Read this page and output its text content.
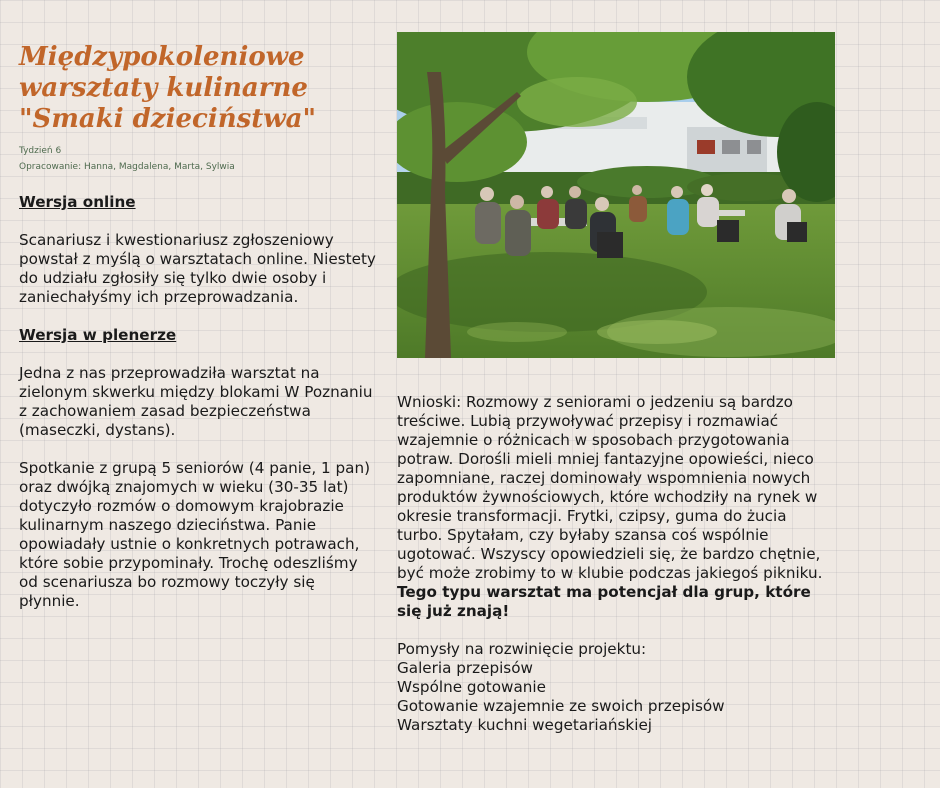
Międzypokoleniowe
warsztaty kulinarne
"Smaki dzieciństwa"
Tydzień 6
Opracowanie: Hanna, Magdalena, Marta, Sylwia

Wersja online

Scanariusz i kwestionariusz zgłoszeniowy powstał z myślą o warsztatach online. Niestety do udziału zgłosiły się tylko dwie osoby i zaniechałyśmy ich przeprowadzania.

Wersja w plenerze

Jedna z nas przeprowadziła warsztat na zielonym skwerku między blokami W Poznaniu z zachowaniem zasad bezpieczeństwa (maseczki, dystans).

Spotkanie z grupą 5 seniorów (4 panie, 1 pan) oraz dwójką znajomych w wieku (30-35 lat) dotyczyło rozmów o domowym krajobrazie kulinarnym naszego dzieciństwa. Panie opowiadały ustnie o konkretnych potrawach, które sobie przypominały. Trochę odeszliśmy od scenariusza bo rozmowy toczyły się płynnie.

Wnioski: Rozmowy z seniorami o jedzeniu są bardzo treściwe. Lubią przywoływać przepisy i rozmawiać wzajemnie o różnicach w sposobach przygotowania potraw. Dorośli mieli mniej fantazyjne opowieści, nieco zapomniane, raczej dominowały wspomnienia nowych produktów żywnościowych, które wchodziły na rynek w okresie transformacji. Frytki, czipsy, guma do żucia turbo. Spytałam, czy byłaby szansa coś wspólnie ugotować. Wszyscy opowiedzieli się, że bardzo chętnie, być może zrobimy to w klubie podczas jakiegoś pikniku. Tego typu warsztat ma potencjał dla grup, które się już znają!

Pomysły na rozwinięcie projektu:

Galeria przepisów

Wspólne gotowanie

Gotowanie wzajemnie ze swoich przepisów

Warsztaty kuchni wegetariańskiej
